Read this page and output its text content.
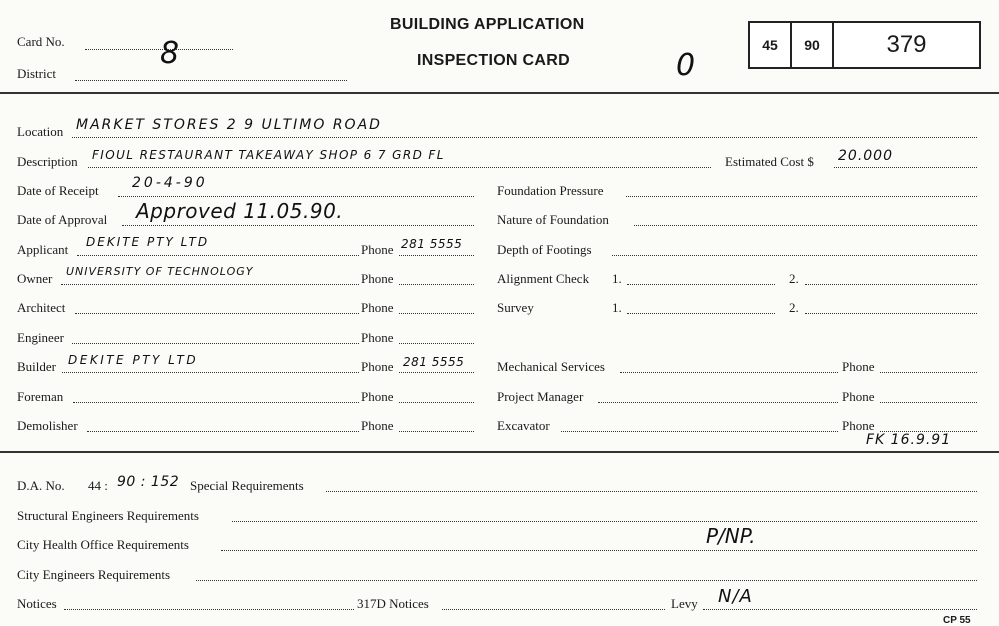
Card No.	8
District
BUILDING APPLICATION
INSPECTION CARD	0
45	90	379
Location MARKET STORES 2 9 ULTIMO ROAD
Description FIOUL RESTAURANT TAKEAWAY SHOP 6 7 GRD FL	Estimated Cost $ 20.000
Date of Receipt 20-4-90
Date of Approval Approved 11.05.90.
Applicant DEKITE PTY LTD	Phone 281 5555
Owner UNIVERSITY OF TECHNOLOGY	Phone
Architect	Phone
Engineer	Phone
Builder DEKITE PTY LTD	Phone 281 5555
Foreman	Phone
Demolisher	Phone
Foundation Pressure
Nature of Foundation
Depth of Footings
Alignment Check 1.	2.
Survey	1.	2.
Mechanical Services	Phone
Project Manager	Phone
Excavator	Phone
FK 16.9.91
D.A. No. 44 : 90 : 152 Special Requirements
Structural Engineers Requirements
City Health Office Requirements	P/NP.
City Engineers Requirements
Notices	317D Notices	Levy N/A
CP 55
